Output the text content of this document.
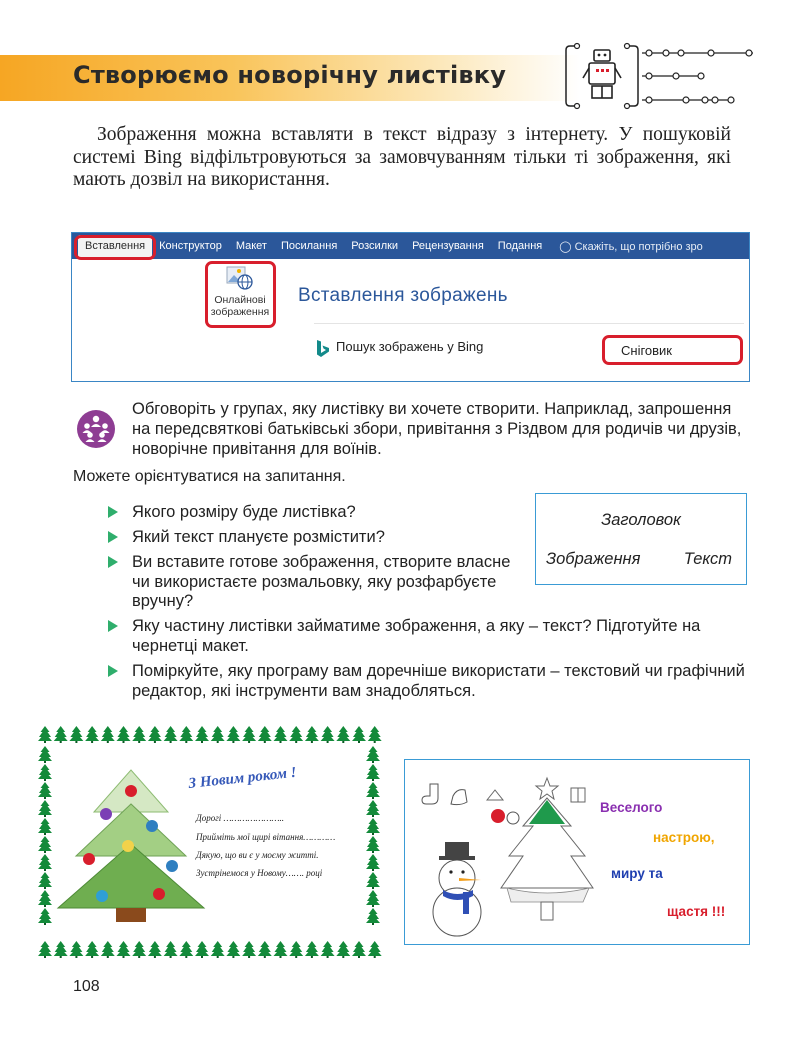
Створюємо новорічну листівку

Зображення можна вставляти в текст відразу з інтернету. У пошуковій системі Bing відфільтровуються за замовчуванням тільки ті зображення, які мають дозвіл на використання.

Вставлення	Конструктор	Макет	Посилання	Розсилки	Рецензування	Подання	◯ Скажіть, що потрібно зро
Онлайнові
зображення
Вставлення зображень
Пошук зображень у Bing	Сніговик

Обговоріть у групах, яку листівку ви хочете створити. Наприклад, запрошення на передсвяткові батьківські збори, привітання з Різдвом для родичів чи друзів, новорічне привітання для воїнів.

Можете орієнтуватися на запитання.

Якого розміру буде листівка?
Який текст плануєте розмістити?
Ви вставите готове зображення, створите власне чи використаєте розмальовку, яку розфарбуєте вручну?
Яку частину листівки займатиме зображення, а яку – текст? Підготуйте на чернетці макет.
Поміркуйте, яку програму вам доречніше використати – текстовий чи графічний редактор, які інструменти вам знадобляться.
Заголовок
Зображення	Текст
З Новим роком !
Дорогі …………………..
Прийміть мої щирі вітання…………
Дякую, що ви є у моєму житті.
Зустрінемося у Новому……. році
Веселого
настрою,
миру та
щастя !!!
108
